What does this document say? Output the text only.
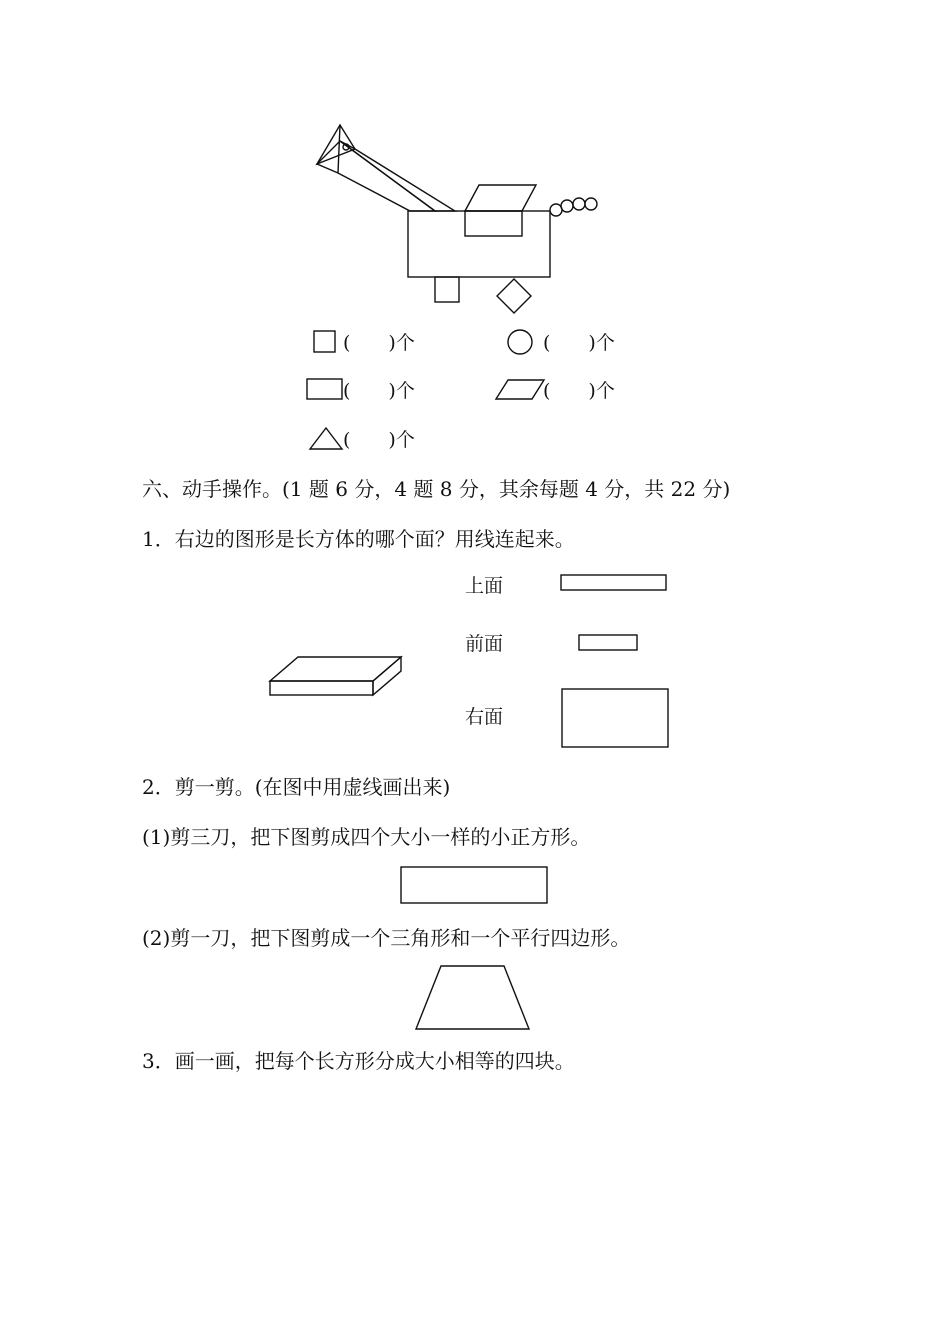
(　　)个	(　　)个
(　　)个	(　　)个
(　　)个
六、动手操作。(1 题 6 分，4 题 8 分，其余每题 4 分，共 22 分)
1．右边的图形是长方体的哪个面？用线连起来。
上面
前面
右面
2．剪一剪。(在图中用虚线画出来)
(1)剪三刀，把下图剪成四个大小一样的小正方形。
(2)剪一刀，把下图剪成一个三角形和一个平行四边形。
3．画一画，把每个长方形分成大小相等的四块。
